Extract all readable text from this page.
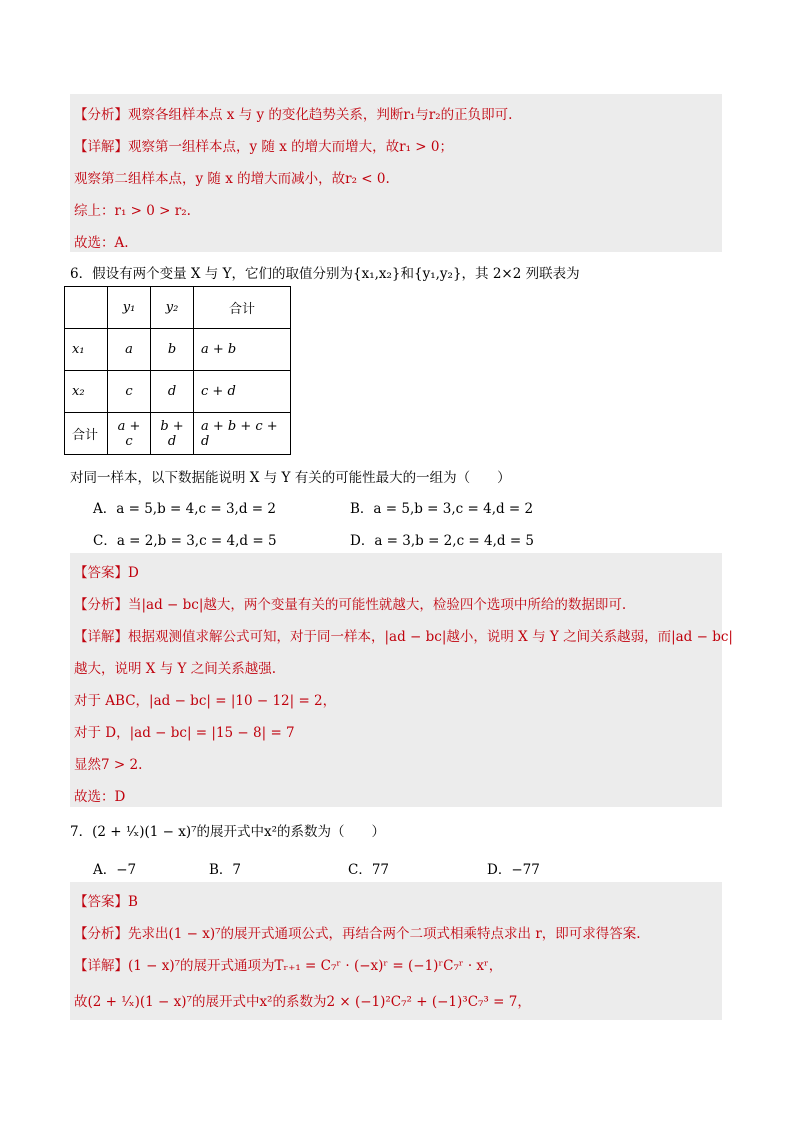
【分析】观察各组样本点 x 与 y 的变化趋势关系，判断r₁与r₂的正负即可.
【详解】观察第一组样本点，y 随 x 的增大而增大，故r₁ > 0；
观察第二组样本点，y 随 x 的增大而减小，故r₂ < 0.
综上：r₁ > 0 > r₂.
故选：A.
6．假设有两个变量 X 与 Y，它们的取值分别为{x₁,x₂}和{y₁,y₂}，其 2×2 列联表为
	y₁	y₂	合计
x₁	a	b	a + b
x₂	c	d	c + d
合计	a + c	b + d	a + b + c + d
对同一样本，以下数据能说明 X 与 Y 有关的可能性最大的一组为（　　）
A．a = 5,b = 4,c = 3,d = 2	B．a = 5,b = 3,c = 4,d = 2
C．a = 2,b = 3,c = 4,d = 5	D．a = 3,b = 2,c = 4,d = 5
【答案】D
【分析】当|ad − bc|越大，两个变量有关的可能性就越大，检验四个选项中所给的数据即可.
【详解】根据观测值求解公式可知，对于同一样本，|ad − bc|越小，说明 X 与 Y 之间关系越弱，而|ad − bc|
越大，说明 X 与 Y 之间关系越强.
对于 ABC，|ad − bc| = |10 − 12| = 2，
对于 D，|ad − bc| = |15 − 8| = 7
显然7 > 2.
故选：D
7．(2 + ¹⁄ₓ)(1 − x)⁷的展开式中x²的系数为（　　）
A．−7	B．7	C．77	D．−77
【答案】B
【分析】先求出(1 − x)⁷的展开式通项公式，再结合两个二项式相乘特点求出 r，即可求得答案.
【详解】(1 − x)⁷的展开式通项为Tᵣ₊₁ = C₇ʳ · (−x)ʳ = (−1)ʳC₇ʳ · xʳ，
故(2 + ¹⁄ₓ)(1 − x)⁷的展开式中x²的系数为2 × (−1)²C₇² + (−1)³C₇³ = 7，
